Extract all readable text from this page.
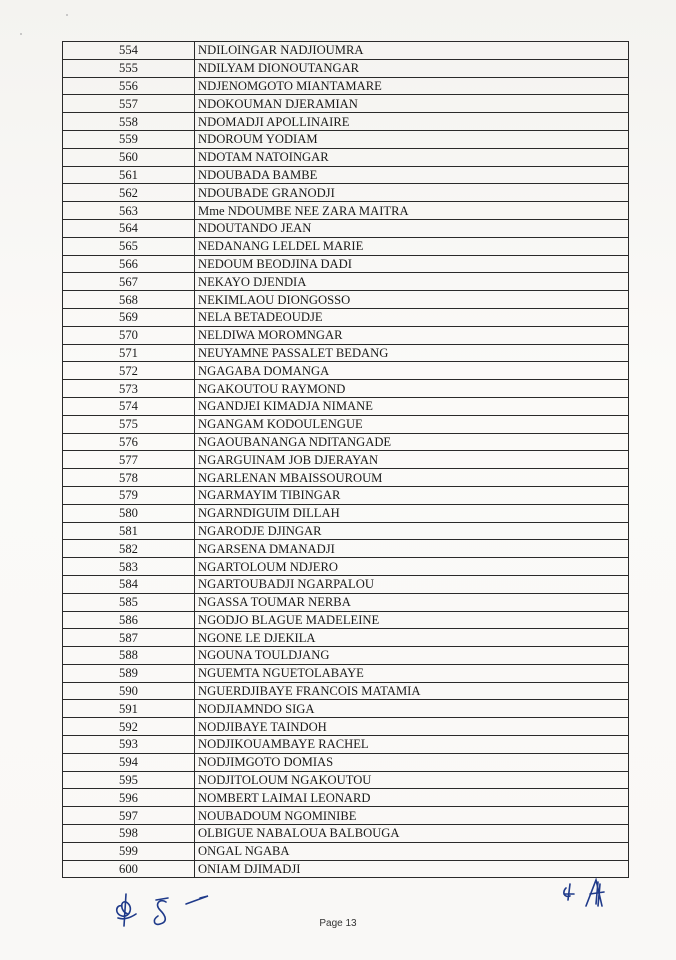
554	NDILOINGAR NADJIOUMRA
555	NDILYAM DIONOUTANGAR
556	NDJENOMGOTO MIANTAMARE
557	NDOKOUMAN DJERAMIAN
558	NDOMADJI APOLLINAIRE
559	NDOROUM YODIAM
560	NDOTAM NATOINGAR
561	NDOUBADA BAMBE
562	NDOUBADE GRANODJI
563	Mme NDOUMBE NEE ZARA MAITRA
564	NDOUTANDO JEAN
565	NEDANANG LELDEL MARIE
566	NEDOUM BEODJINA DADI
567	NEKAYO DJENDIA
568	NEKIMLAOU DIONGOSSO
569	NELA BETADEOUDJE
570	NELDIWA MOROMNGAR
571	NEUYAMNE PASSALET BEDANG
572	NGAGABA DOMANGA
573	NGAKOUTOU RAYMOND
574	NGANDJEI KIMADJA NIMANE
575	NGANGAM KODOULENGUE
576	NGAOUBANANGA NDITANGADE
577	NGARGUINAM JOB DJERAYAN
578	NGARLENAN MBAISSOUROUM
579	NGARMAYIM TIBINGAR
580	NGARNDIGUIM DILLAH
581	NGARODJE DJINGAR
582	NGARSENA DMANADJI
583	NGARTOLOUM NDJERO
584	NGARTOUBADJI NGARPALOU
585	NGASSA TOUMAR NERBA
586	NGODJO BLAGUE MADELEINE
587	NGONE LE DJEKILA
588	NGOUNA TOULDJANG
589	NGUEMTA NGUETOLABAYE
590	NGUERDJIBAYE FRANCOIS MATAMIA
591	NODJIAMNDO SIGA
592	NODJIBAYE TAINDOH
593	NODJIKOUAMBAYE RACHEL
594	NODJIMGOTO DOMIAS
595	NODJITOLOUM NGAKOUTOU
596	NOMBERT LAIMAI LEONARD
597	NOUBADOUM NGOMINIBE
598	OLBIGUE NABALOUA BALBOUGA
599	ONGAL NGABA
600	ONIAM DJIMADJI
Page 13
